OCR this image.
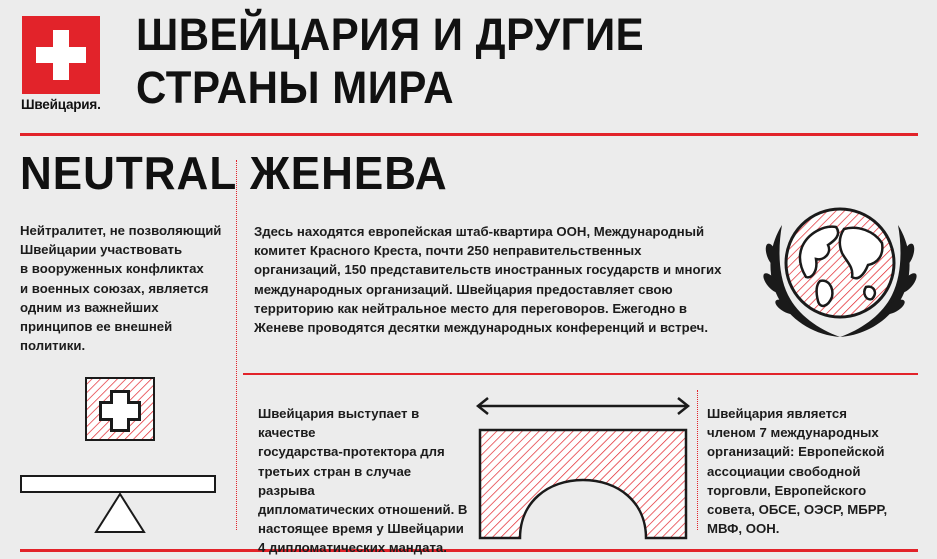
Швейцария.
ШВЕЙЦАРИЯ И ДРУГИЕ
СТРАНЫ МИРА
NEUTRAL
Нейтралитет, не позволяющий
Швейцарии участвовать
в вооруженных конфликтах
и военных союзах, является
одним из важнейших
принципов ее внешней
политики.
ЖЕНЕВА
Здесь находятся европейская штаб-квартира ООН, Международный
комитет Красного Креста, почти 250 неправительственных
организаций, 150 представительств иностранных государств и многих
международных организаций. Швейцария предоставляет свою
территорию как нейтральное место для переговоров. Ежегодно в
Женеве проводятся десятки международных конференций и встреч.
Швейцария выступает в качестве
государства-протектора для
третьих стран в случае разрыва
дипломатических отношений. В
настоящее время у Швейцарии
4 дипломатических мандата.
Швейцария является
членом 7 международных
организаций: Европейской
ассоциации свободной
торговли, Европейского
совета, ОБСЕ, ОЭСР, МБРР,
МВФ, ООН.
